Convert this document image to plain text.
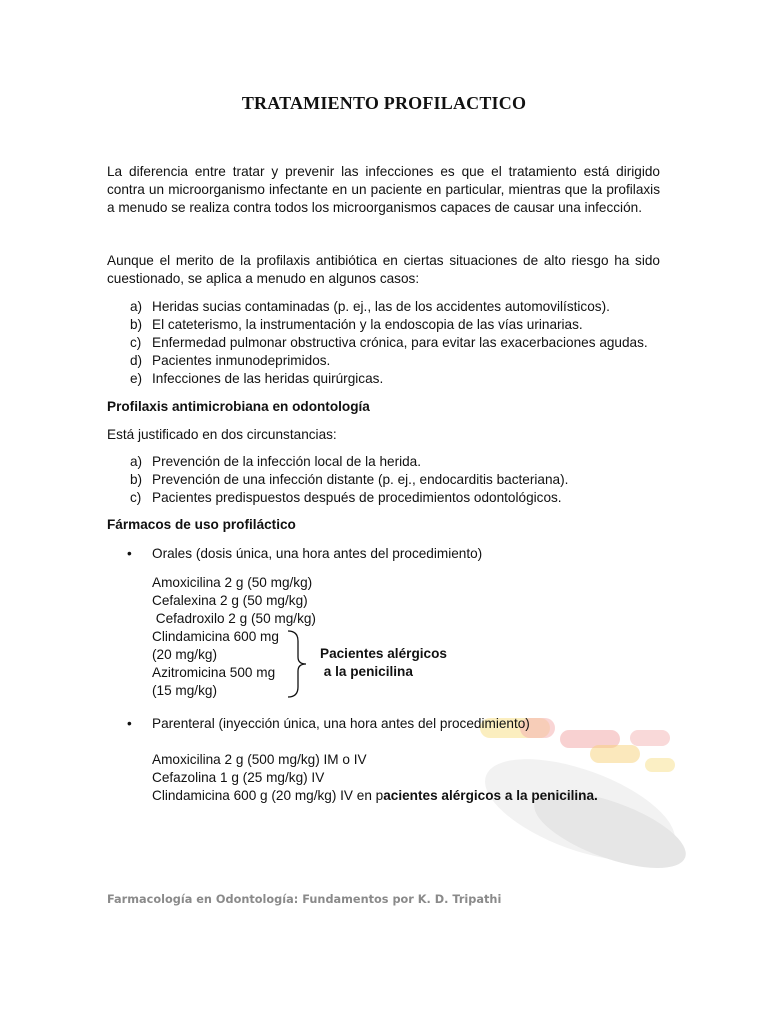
TRATAMIENTO PROFILACTICO

La diferencia entre tratar y prevenir las infecciones es que el tratamiento está dirigido contra un microorganismo infectante en un paciente en particular, mientras que la profilaxis a menudo se realiza contra todos los microorganismos capaces de causar una infección.

Aunque el merito de la profilaxis antibiótica en ciertas situaciones de alto riesgo ha sido cuestionado, se aplica a menudo en algunos casos:

a) Heridas sucias contaminadas (p. ej., las de los accidentes automovilísticos).
b) El cateterismo, la instrumentación y la endoscopia de las vías urinarias.
c) Enfermedad pulmonar obstructiva crónica, para evitar las exacerbaciones agudas.
d) Pacientes inmunodeprimidos.
e) Infecciones de las heridas quirúrgicas.
Profilaxis antimicrobiana en odontología
Está justificado en dos circunstancias:
a) Prevención de la infección local de la herida.
b) Prevención de una infección distante (p. ej., endocarditis bacteriana).
c) Pacientes predispuestos después de procedimientos odontológicos.
Fármacos de uso profiláctico
•	Orales (dosis única, una hora antes del procedimiento)
Amoxicilina 2 g (50 mg/kg)
Cefalexina 2 g (50 mg/kg)
Cefadroxilo 2 g (50 mg/kg)
Clindamicina 600 mg
(20 mg/kg)
Azitromicina 500 mg
(15 mg/kg)
Pacientes alérgicos
a la penicilina
•	Parenteral (inyección única, una hora antes del procedimiento)
Amoxicilina 2 g (500 mg/kg) IM o IV
Cefazolina 1 g (25 mg/kg) IV
Clindamicina 600 g (20 mg/kg) IV en pacientes alérgicos a la penicilina.
Farmacología en Odontología: Fundamentos por K. D. Tripathi
